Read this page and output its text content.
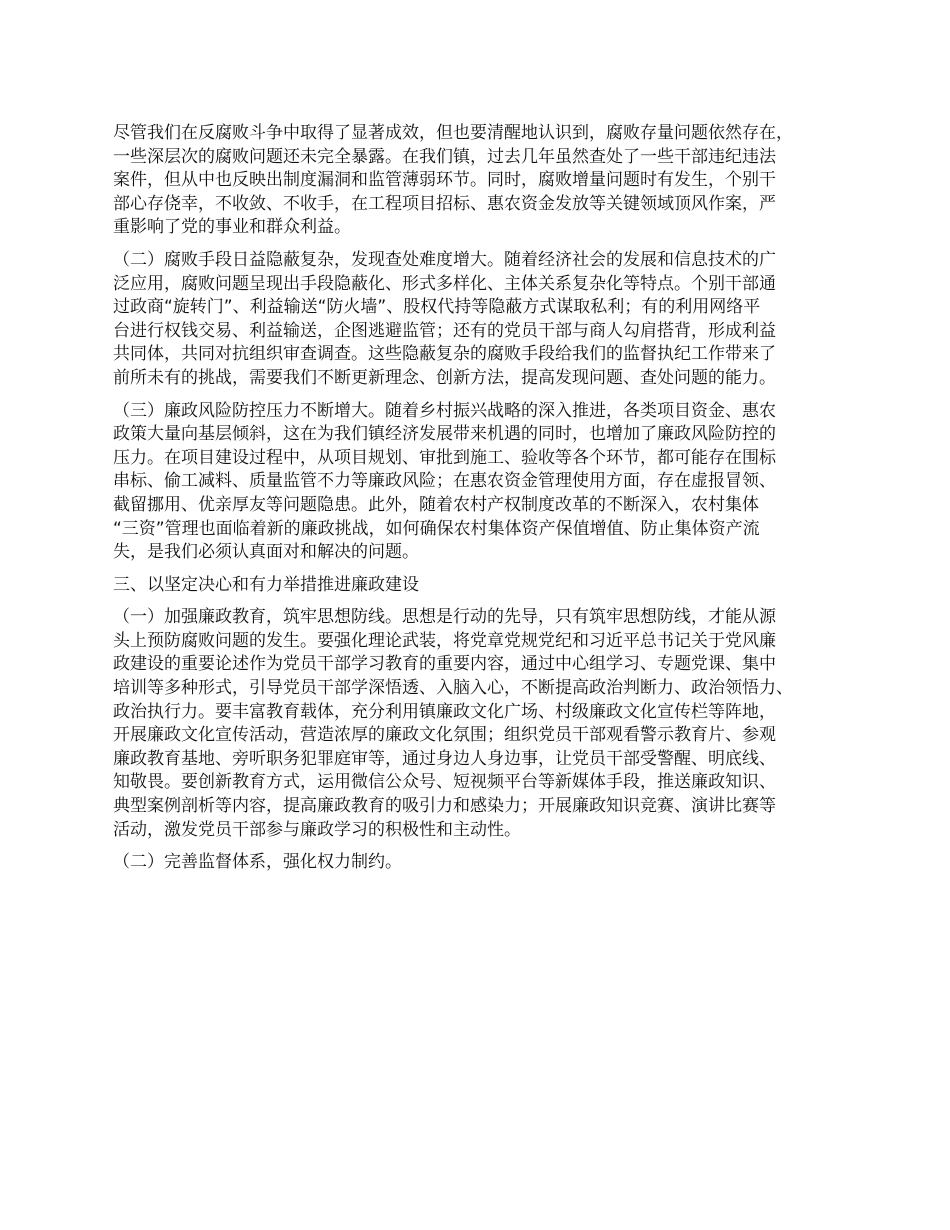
尽管我们在反腐败斗争中取得了显著成效，但也要清醒地认识到，腐败存量问题依然存在，
一些深层次的腐败问题还未完全暴露。在我们镇，过去几年虽然查处了一些干部违纪违法
案件，但从中也反映出制度漏洞和监管薄弱环节。同时，腐败增量问题时有发生，个别干
部心存侥幸，不收敛、不收手，在工程项目招标、惠农资金发放等关键领域顶风作案，严
重影响了党的事业和群众利益。

（二）腐败手段日益隐蔽复杂，发现查处难度增大。随着经济社会的发展和信息技术的广
泛应用，腐败问题呈现出手段隐蔽化、形式多样化、主体关系复杂化等特点。个别干部通
过政商“旋转门”、利益输送“防火墙”、股权代持等隐蔽方式谋取私利；有的利用网络平
台进行权钱交易、利益输送，企图逃避监管；还有的党员干部与商人勾肩搭背，形成利益
共同体，共同对抗组织审查调查。这些隐蔽复杂的腐败手段给我们的监督执纪工作带来了
前所未有的挑战，需要我们不断更新理念、创新方法，提高发现问题、查处问题的能力。

（三）廉政风险防控压力不断增大。随着乡村振兴战略的深入推进，各类项目资金、惠农
政策大量向基层倾斜，这在为我们镇经济发展带来机遇的同时，也增加了廉政风险防控的
压力。在项目建设过程中，从项目规划、审批到施工、验收等各个环节，都可能存在围标
串标、偷工减料、质量监管不力等廉政风险；在惠农资金管理使用方面，存在虚报冒领、
截留挪用、优亲厚友等问题隐患。此外，随着农村产权制度改革的不断深入，农村集体
“三资”管理也面临着新的廉政挑战，如何确保农村集体资产保值增值、防止集体资产流
失，是我们必须认真面对和解决的问题。

三、以坚定决心和有力举措推进廉政建设

（一）加强廉政教育，筑牢思想防线。思想是行动的先导，只有筑牢思想防线，才能从源
头上预防腐败问题的发生。要强化理论武装，将党章党规党纪和习近平总书记关于党风廉
政建设的重要论述作为党员干部学习教育的重要内容，通过中心组学习、专题党课、集中
培训等多种形式，引导党员干部学深悟透、入脑入心，不断提高政治判断力、政治领悟力、
政治执行力。要丰富教育载体，充分利用镇廉政文化广场、村级廉政文化宣传栏等阵地，
开展廉政文化宣传活动，营造浓厚的廉政文化氛围；组织党员干部观看警示教育片、参观
廉政教育基地、旁听职务犯罪庭审等，通过身边人身边事，让党员干部受警醒、明底线、
知敬畏。要创新教育方式，运用微信公众号、短视频平台等新媒体手段，推送廉政知识、
典型案例剖析等内容，提高廉政教育的吸引力和感染力；开展廉政知识竞赛、演讲比赛等
活动，激发党员干部参与廉政学习的积极性和主动性。

（二）完善监督体系，强化权力制约。
